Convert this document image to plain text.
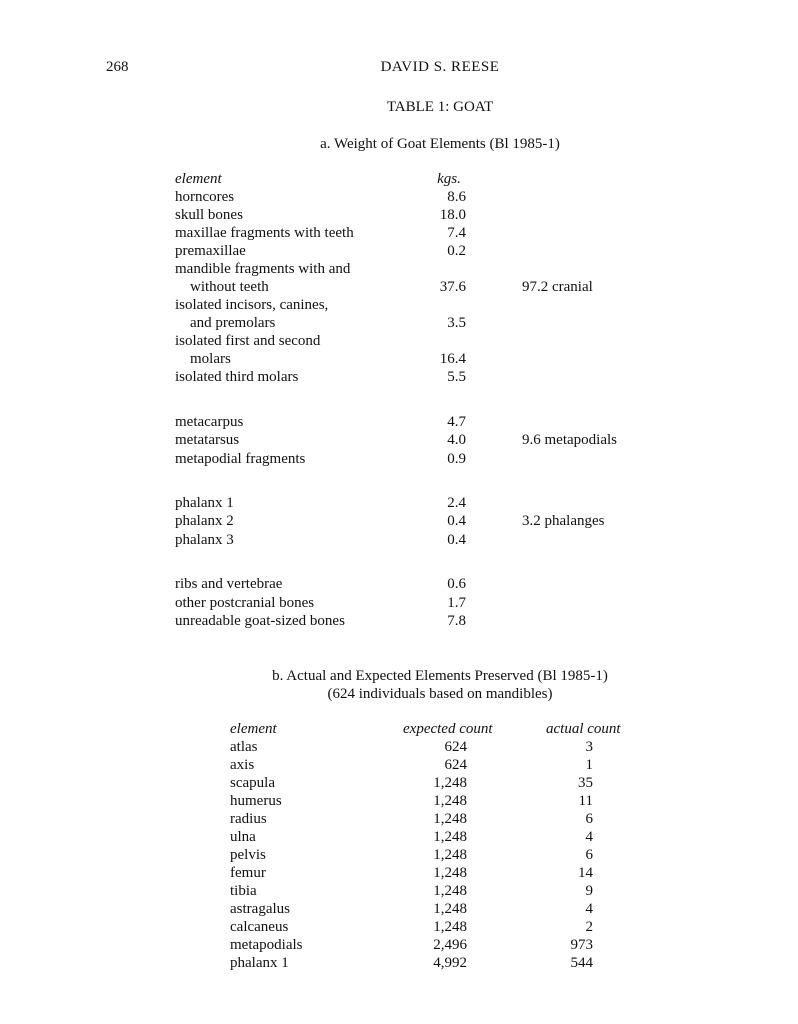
268	DAVID S. REESE
TABLE 1: GOAT
a. Weight of Goat Elements (Bl 1985-1)
element	kgs.
horncores	8.6
skull bones	18.0
maxillae fragments with teeth	7.4
premaxillae	0.2
mandible fragments with and
without teeth	37.6	97.2 cranial
isolated incisors, canines,
and premolars	3.5
isolated first and second
molars	16.4
isolated third molars	5.5
metacarpus	4.7
metatarsus	4.0	9.6 metapodials
metapodial fragments	0.9
phalanx 1	2.4
phalanx 2	0.4	3.2 phalanges
phalanx 3	0.4
ribs and vertebrae	0.6
other postcranial bones	1.7
unreadable goat-sized bones	7.8
b. Actual and Expected Elements Preserved (Bl 1985-1)
(624 individuals based on mandibles)
element	expected count	actual count
atlas	624	3
axis	624	1
scapula	1,248	35
humerus	1,248	11
radius	1,248	6
ulna	1,248	4
pelvis	1,248	6
femur	1,248	14
tibia	1,248	9
astragalus	1,248	4
calcaneus	1,248	2
metapodials	2,496	973
phalanx 1	4,992	544
